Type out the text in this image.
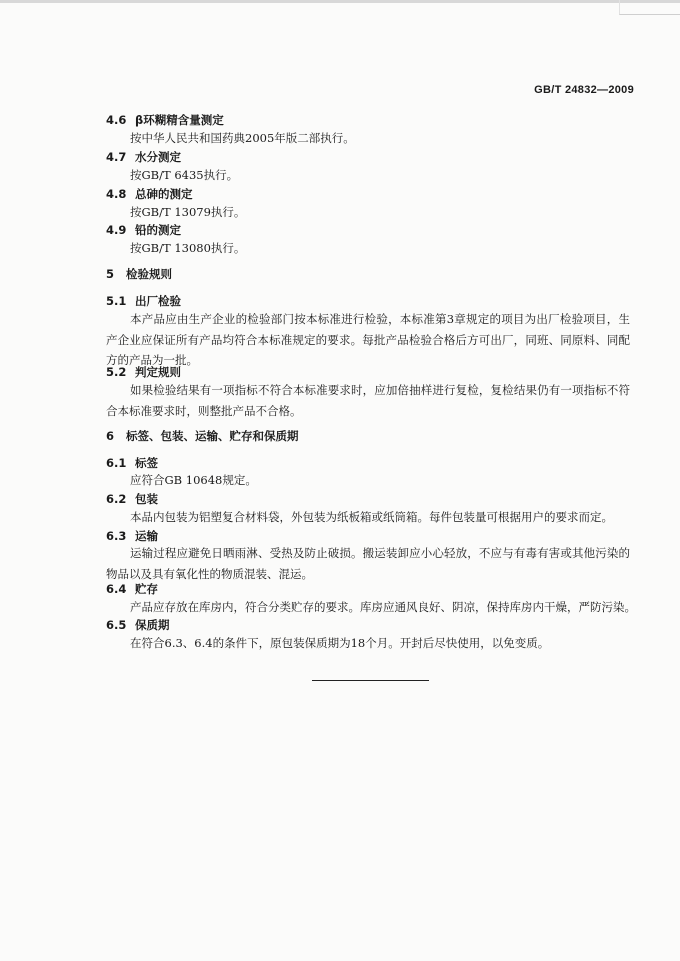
GB/T 24832—2009
4.6 β环糊精含量测定
按中华人民共和国药典2005年版二部执行。
4.7 水分测定
按GB/T 6435执行。
4.8 总砷的测定
按GB/T 13079执行。
4.9 铅的测定
按GB/T 13080执行。
5 检验规则
5.1 出厂检验
本产品应由生产企业的检验部门按本标准进行检验，本标准第3章规定的项目为出厂检验项目，生产企业应保证所有产品均符合本标准规定的要求。每批产品检验合格后方可出厂，同班、同原料、同配方的产品为一批。
5.2 判定规则
如果检验结果有一项指标不符合本标准要求时，应加倍抽样进行复检，复检结果仍有一项指标不符合本标准要求时，则整批产品不合格。
6 标签、包装、运输、贮存和保质期
6.1 标签
应符合GB 10648规定。
6.2 包装
本品内包装为铝塑复合材料袋，外包装为纸板箱或纸筒箱。每件包装量可根据用户的要求而定。
6.3 运输
运输过程应避免日晒雨淋、受热及防止破损。搬运装卸应小心轻放，不应与有毒有害或其他污染的物品以及具有氧化性的物质混装、混运。
6.4 贮存
产品应存放在库房内，符合分类贮存的要求。库房应通风良好、阴凉，保持库房内干燥，严防污染。
6.5 保质期
在符合6.3、6.4的条件下，原包装保质期为18个月。开封后尽快使用，以免变质。
